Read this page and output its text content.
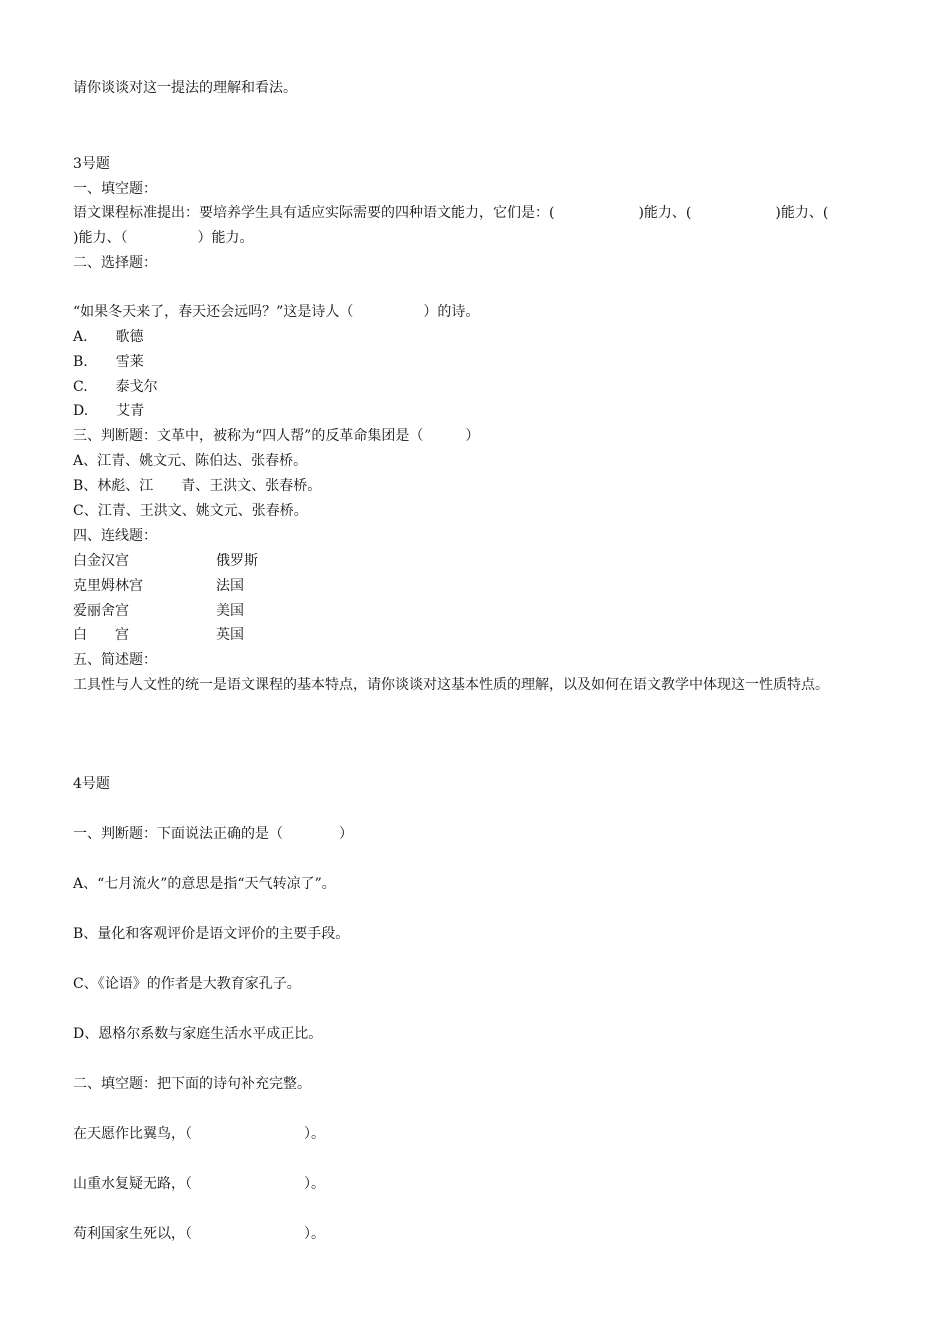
请你谈谈对这一提法的理解和看法。
3号题
一、填空题：
语文课程标准提出：要培养学生具有适应实际需要的四种语文能力，它们是：(　　　　　　)能力、(　　　　　　)能力、(
)能力、（　　　　　）能力。
二、选择题：
“如果冬天来了，春天还会远吗？”这是诗人（　　　　　）的诗。
A.　　歌德
B.　　雪莱
C.　　泰戈尔
D.　　艾青
三、判断题：文革中，被称为“四人帮”的反革命集团是（　　　）
A、江青、姚文元、陈伯达、张春桥。
B、林彪、江　　青、王洪文、张春桥。
C、江青、王洪文、姚文元、张春桥。
四、连线题：
白金汉宫	俄罗斯
克里姆林宫	法国
爱丽舍宫	美国
白　　宫	英国
五、简述题：
工具性与人文性的统一是语文课程的基本特点，请你谈谈对这基本性质的理解，以及如何在语文教学中体现这一性质特点。
4号题
一、判断题：下面说法正确的是（　　　　）
A、“七月流火”的意思是指“天气转凉了”。
B、量化和客观评价是语文评价的主要手段。
C、《论语》的作者是大教育家孔子。
D、恩格尔系数与家庭生活水平成正比。
二、填空题：把下面的诗句补充完整。
在天愿作比翼鸟，（　　　　　　　　）。
山重水复疑无路，（　　　　　　　　）。
苟利国家生死以，（　　　　　　　　）。
